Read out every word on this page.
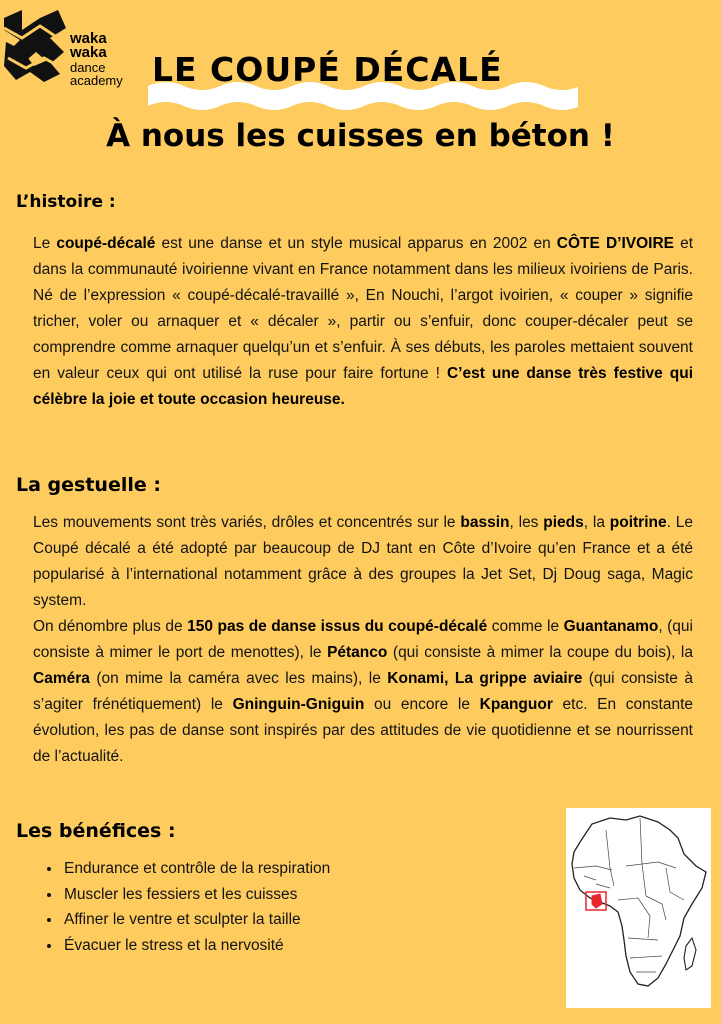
waka
waka
dance
academy LE COUPÉ DÉCALÉ
À nous les cuisses en béton !
L’histoire :
Le coupé-décalé est une danse et un style musical apparus en 2002 en CÔTE D’IVOIRE et dans la communauté ivoirienne vivant en France notamment dans les milieux ivoiriens de Paris. Né de l’expression « coupé-décalé-travaillé », En Nouchi, l’argot ivoirien, « couper » signifie tricher, voler ou arnaquer et « décaler », partir ou s’enfuir, donc couper-décaler peut se comprendre comme arnaquer quelqu’un et s’enfuir. À ses débuts, les paroles mettaient souvent en valeur ceux qui ont utilisé la ruse pour faire fortune ! C’est une danse très festive qui célèbre la joie et toute occasion heureuse.
La gestuelle :
Les mouvements sont très variés, drôles et concentrés sur le bassin, les pieds, la poitrine. Le Coupé décalé a été adopté par beaucoup de DJ tant en Côte d’Ivoire qu’en France et a été popularisé à l’international notamment grâce à des groupes la Jet Set, Dj Doug saga, Magic system.
On dénombre plus de 150 pas de danse issus du coupé-décalé comme le Guantanamo, (qui consiste à mimer le port de menottes), le Pétanco (qui consiste à mimer la coupe du bois), la Caméra (on mime la caméra avec les mains), le Konami, La grippe aviaire (qui consiste à s’agiter frénétiquement) le Gninguin-Gniguin ou encore le Kpanguor etc. En constante évolution, les pas de danse sont inspirés par des attitudes de vie quotidienne et se nourrissent de l’actualité.
Les bénéfices :
• Endurance et contrôle de la respiration
• Muscler les fessiers et les cuisses
• Affiner le ventre et sculpter la taille
• Évacuer le stress et la nervosité
